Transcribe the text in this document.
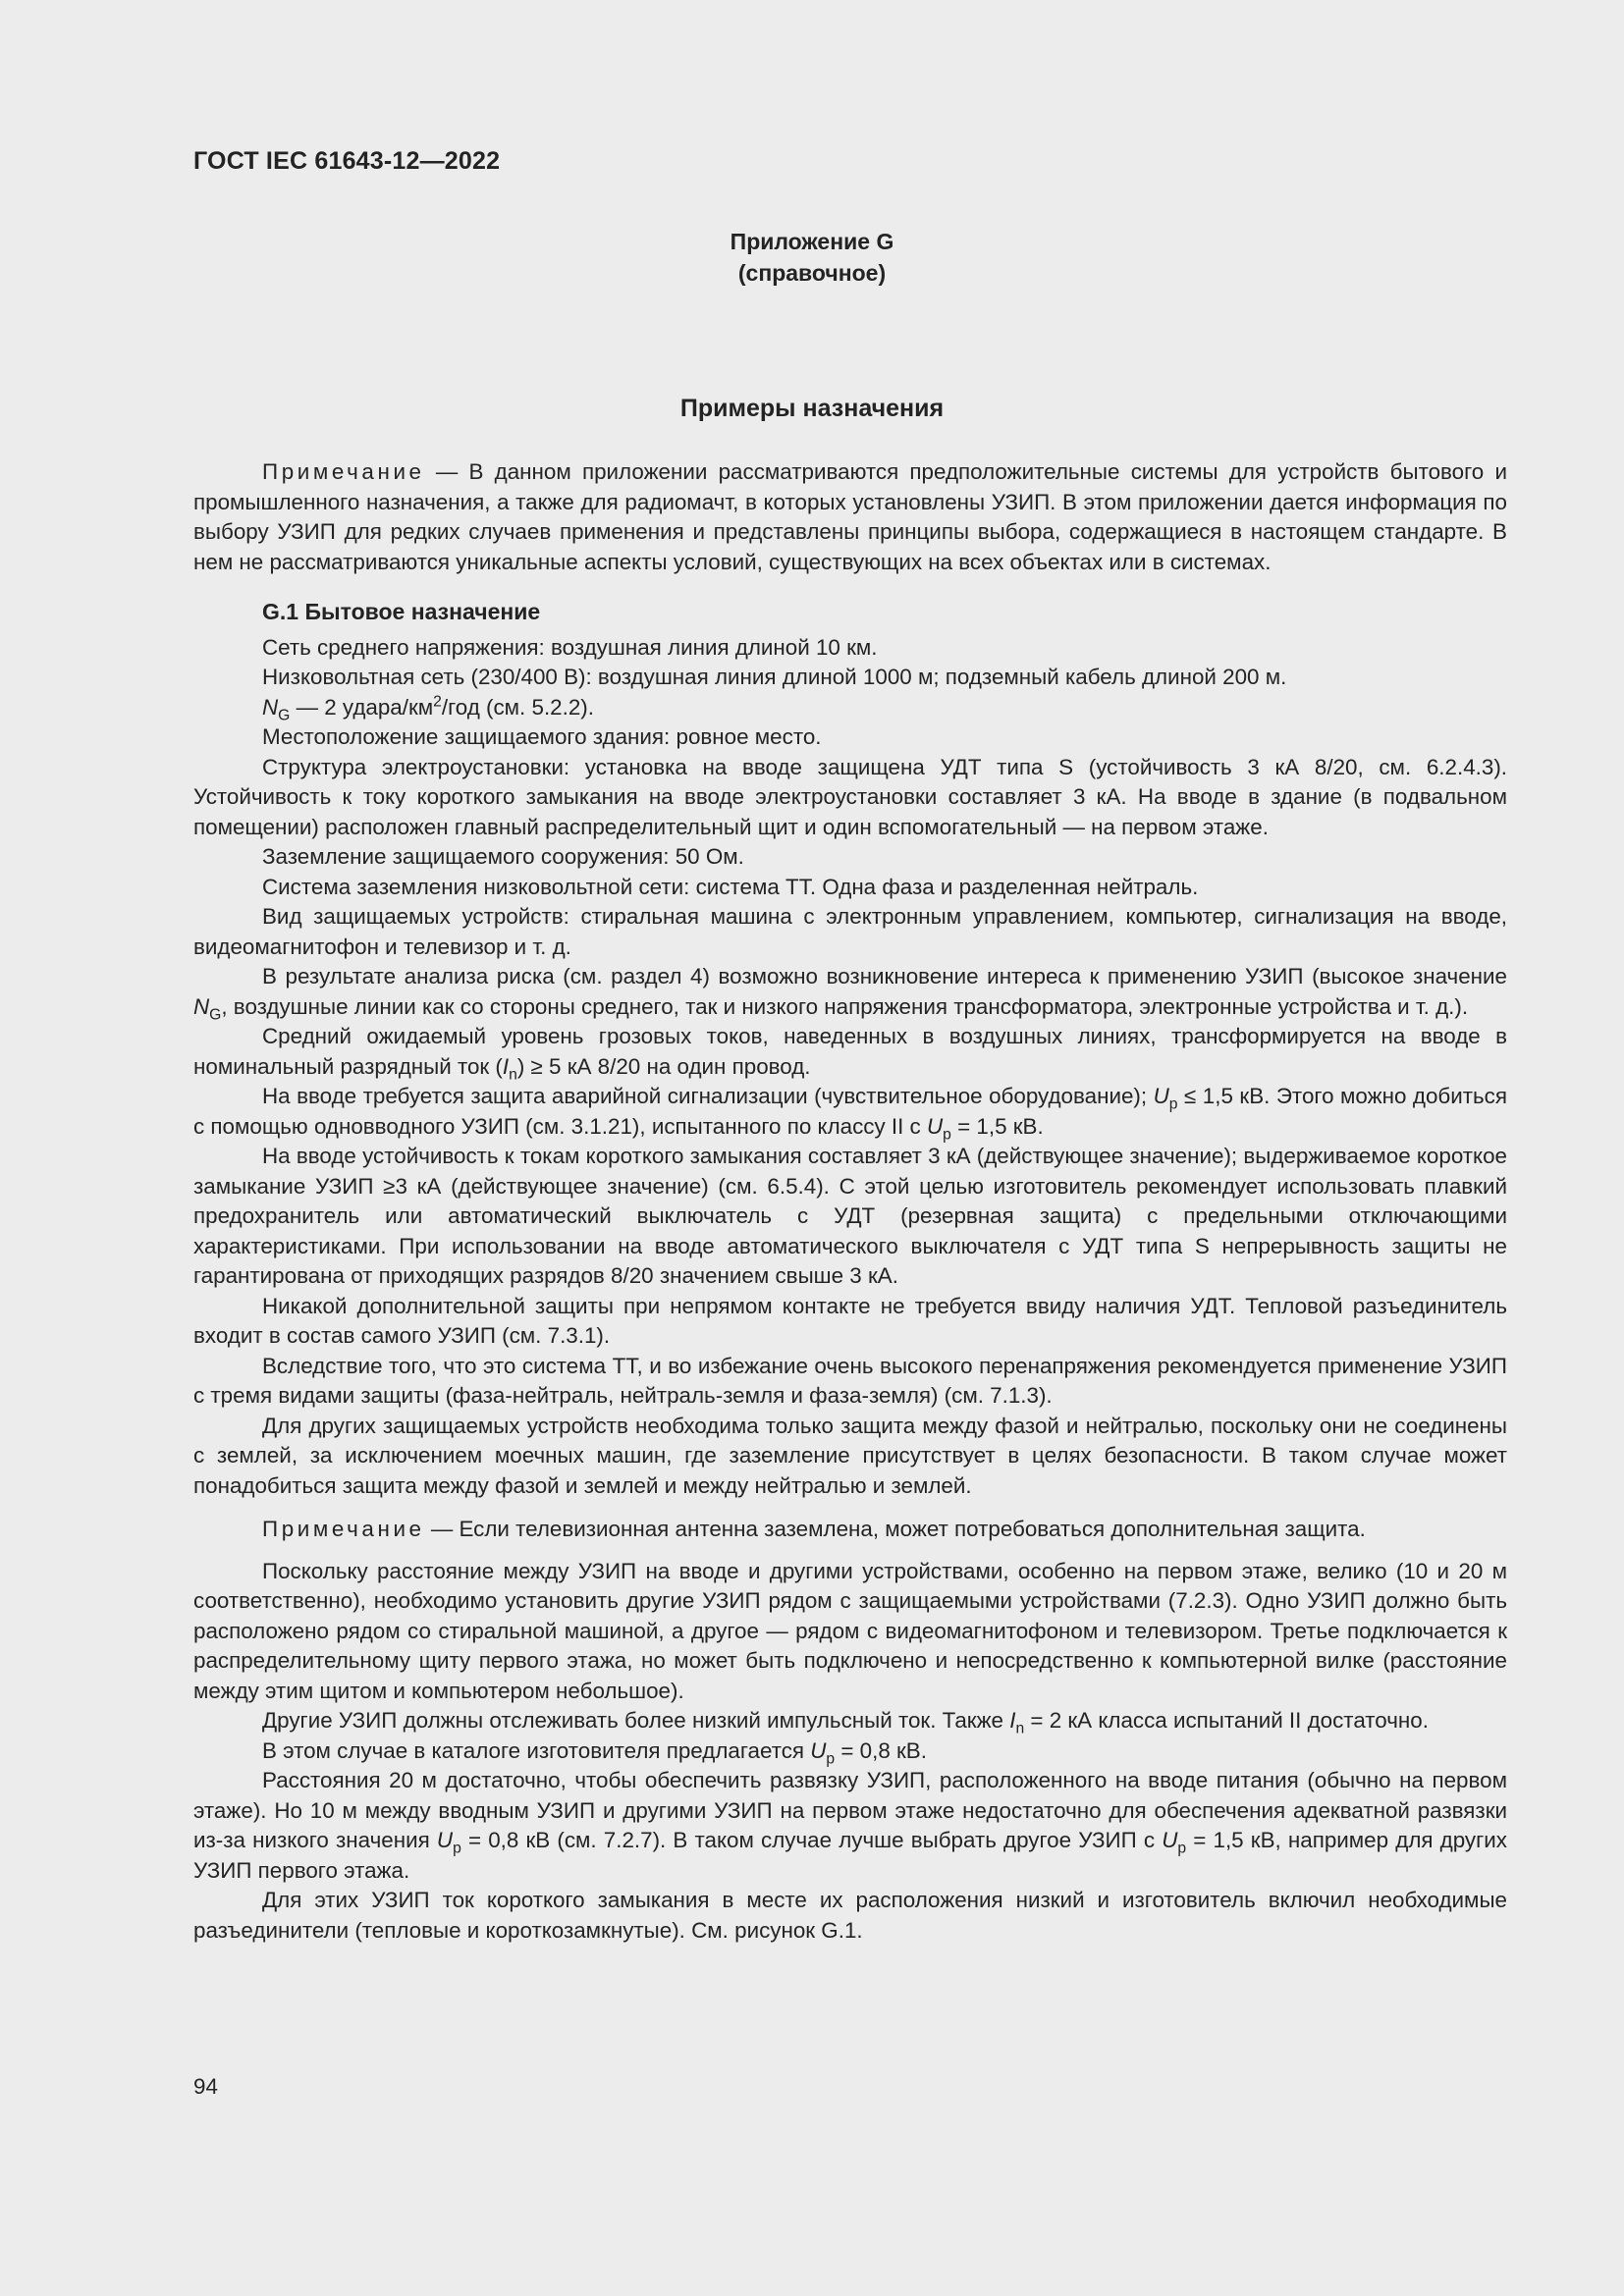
ГОСТ IEC 61643-12—2022
Приложение G
(справочное)
Примеры назначения

Примечание — В данном приложении рассматриваются предположительные системы для устройств бытового и промышленного назначения, а также для радиомачт, в которых установлены УЗИП. В этом приложении дается информация по выбору УЗИП для редких случаев применения и представлены принципы выбора, содержащиеся в настоящем стандарте. В нем не рассматриваются уникальные аспекты условий, существующих на всех объектах или в системах.

G.1 Бытовое назначение

Сеть среднего напряжения: воздушная линия длиной 10 км.

Низковольтная сеть (230/400 В): воздушная линия длиной 1000 м; подземный кабель длиной 200 м.

$N_G$ — 2 удара/$км^2$/год (см. 5.2.2).

Местоположение защищаемого здания: ровное место.

Структура электроустановки: установка на вводе защищена УДТ типа S (устойчивость 3 кА 8/20, см. 6.2.4.3). Устойчивость к току короткого замыкания на вводе электроустановки составляет 3 кА. На вводе в здание (в подвальном помещении) расположен главный распределительный щит и один вспомогательный — на первом этаже.

Заземление защищаемого сооружения: 50 Ом.

Система заземления низковольтной сети: система ТТ. Одна фаза и разделенная нейтраль.

Вид защищаемых устройств: стиральная машина с электронным управлением, компьютер, сигнализация на вводе, видеомагнитофон и телевизор и т. д.

В результате анализа риска (см. раздел 4) возможно возникновение интереса к применению УЗИП (высокое значение $N_G$, воздушные линии как со стороны среднего, так и низкого напряжения трансформатора, электронные устройства и т. д.).

Средний ожидаемый уровень грозовых токов, наведенных в воздушных линиях, трансформируется на вводе в номинальный разрядный ток $(I_n) \ge 5$ кА 8/20 на один провод.

На вводе требуется защита аварийной сигнализации (чувствительное оборудование); $U_p \le 1,5$ кВ. Этого можно добиться с помощью одновводного УЗИП (см. 3.1.21), испытанного по классу II с $U_p = 1,5$ кВ.

На вводе устойчивость к токам короткого замыкания составляет 3 кА (действующее значение); выдерживаемое короткое замыкание УЗИП ≥3 кА (действующее значение) (см. 6.5.4). С этой целью изготовитель рекомендует использовать плавкий предохранитель или автоматический выключатель с УДТ (резервная защита) с предельными отключающими характеристиками. При использовании на вводе автоматического выключателя с УДТ типа S непрерывность защиты не гарантирована от приходящих разрядов 8/20 значением свыше 3 кА.

Никакой дополнительной защиты при непрямом контакте не требуется ввиду наличия УДТ. Тепловой разъединитель входит в состав самого УЗИП (см. 7.3.1).

Вследствие того, что это система ТТ, и во избежание очень высокого перенапряжения рекомендуется применение УЗИП с тремя видами защиты (фаза-нейтраль, нейтраль-земля и фаза-земля) (см. 7.1.3).

Для других защищаемых устройств необходима только защита между фазой и нейтралью, поскольку они не соединены с землей, за исключением моечных машин, где заземление присутствует в целях безопасности. В таком случае может понадобиться защита между фазой и землей и между нейтралью и землей.

Примечание — Если телевизионная антенна заземлена, может потребоваться дополнительная защита.

Поскольку расстояние между УЗИП на вводе и другими устройствами, особенно на первом этаже, велико (10 и 20 м соответственно), необходимо установить другие УЗИП рядом с защищаемыми устройствами (7.2.3). Одно УЗИП должно быть расположено рядом со стиральной машиной, а другое — рядом с видеомагнитофоном и телевизором. Третье подключается к распределительному щиту первого этажа, но может быть подключено и непосредственно к компьютерной вилке (расстояние между этим щитом и компьютером небольшое).

Другие УЗИП должны отслеживать более низкий импульсный ток. Также $I_n = 2$ кА класса испытаний II достаточно.

В этом случае в каталоге изготовителя предлагается $U_p = 0,8$ кВ.

Расстояния 20 м достаточно, чтобы обеспечить развязку УЗИП, расположенного на вводе питания (обычно на первом этаже). Но 10 м между вводным УЗИП и другими УЗИП на первом этаже недостаточно для обеспечения адекватной развязки из-за низкого значения $U_p = 0,8$ кВ (см. 7.2.7). В таком случае лучше выбрать другое УЗИП с $U_p = 1,5$ кВ, например для других УЗИП первого этажа.

Для этих УЗИП ток короткого замыкания в месте их расположения низкий и изготовитель включил необходимые разъединители (тепловые и короткозамкнутые). См. рисунок G.1.

94
